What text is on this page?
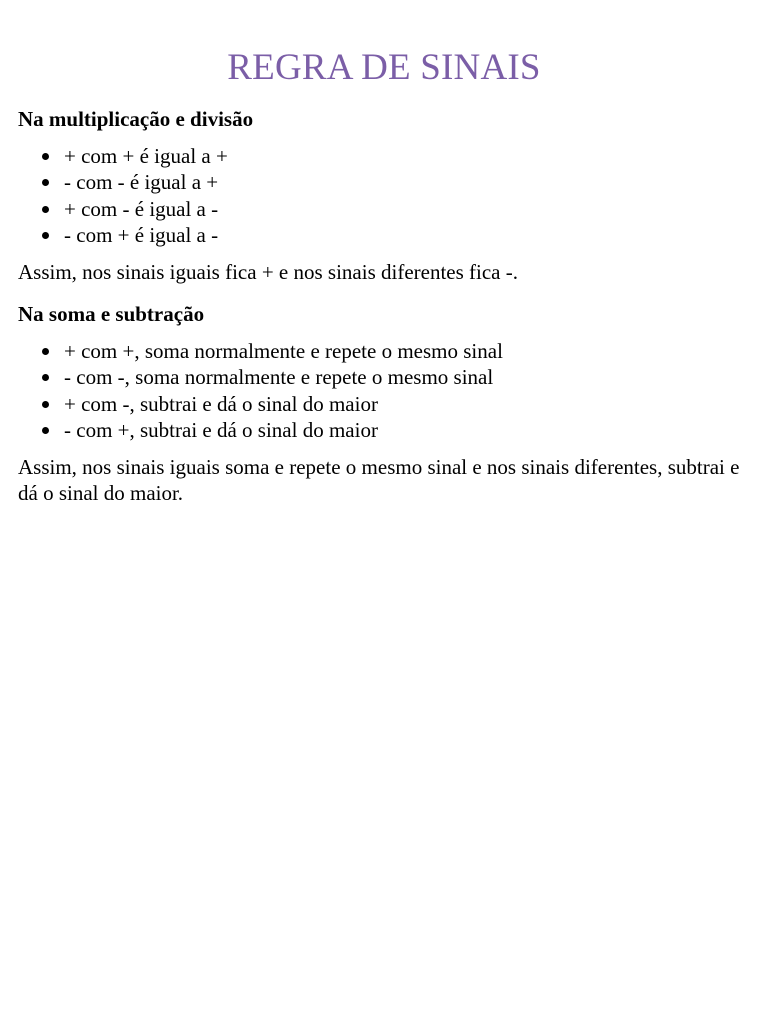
REGRA DE SINAIS
Na multiplicação e divisão
+ com + é igual a +
- com - é igual a +
+ com - é igual a -
- com + é igual a -

Assim, nos sinais iguais fica + e nos sinais diferentes fica -.

Na soma e subtração
+ com +, soma normalmente e repete o mesmo sinal
- com -, soma normalmente e repete o mesmo sinal
+ com -, subtrai e dá o sinal do maior
- com +, subtrai e dá o sinal do maior

Assim, nos sinais iguais soma e repete o mesmo sinal e nos sinais diferentes, subtrai e dá o sinal do maior.
